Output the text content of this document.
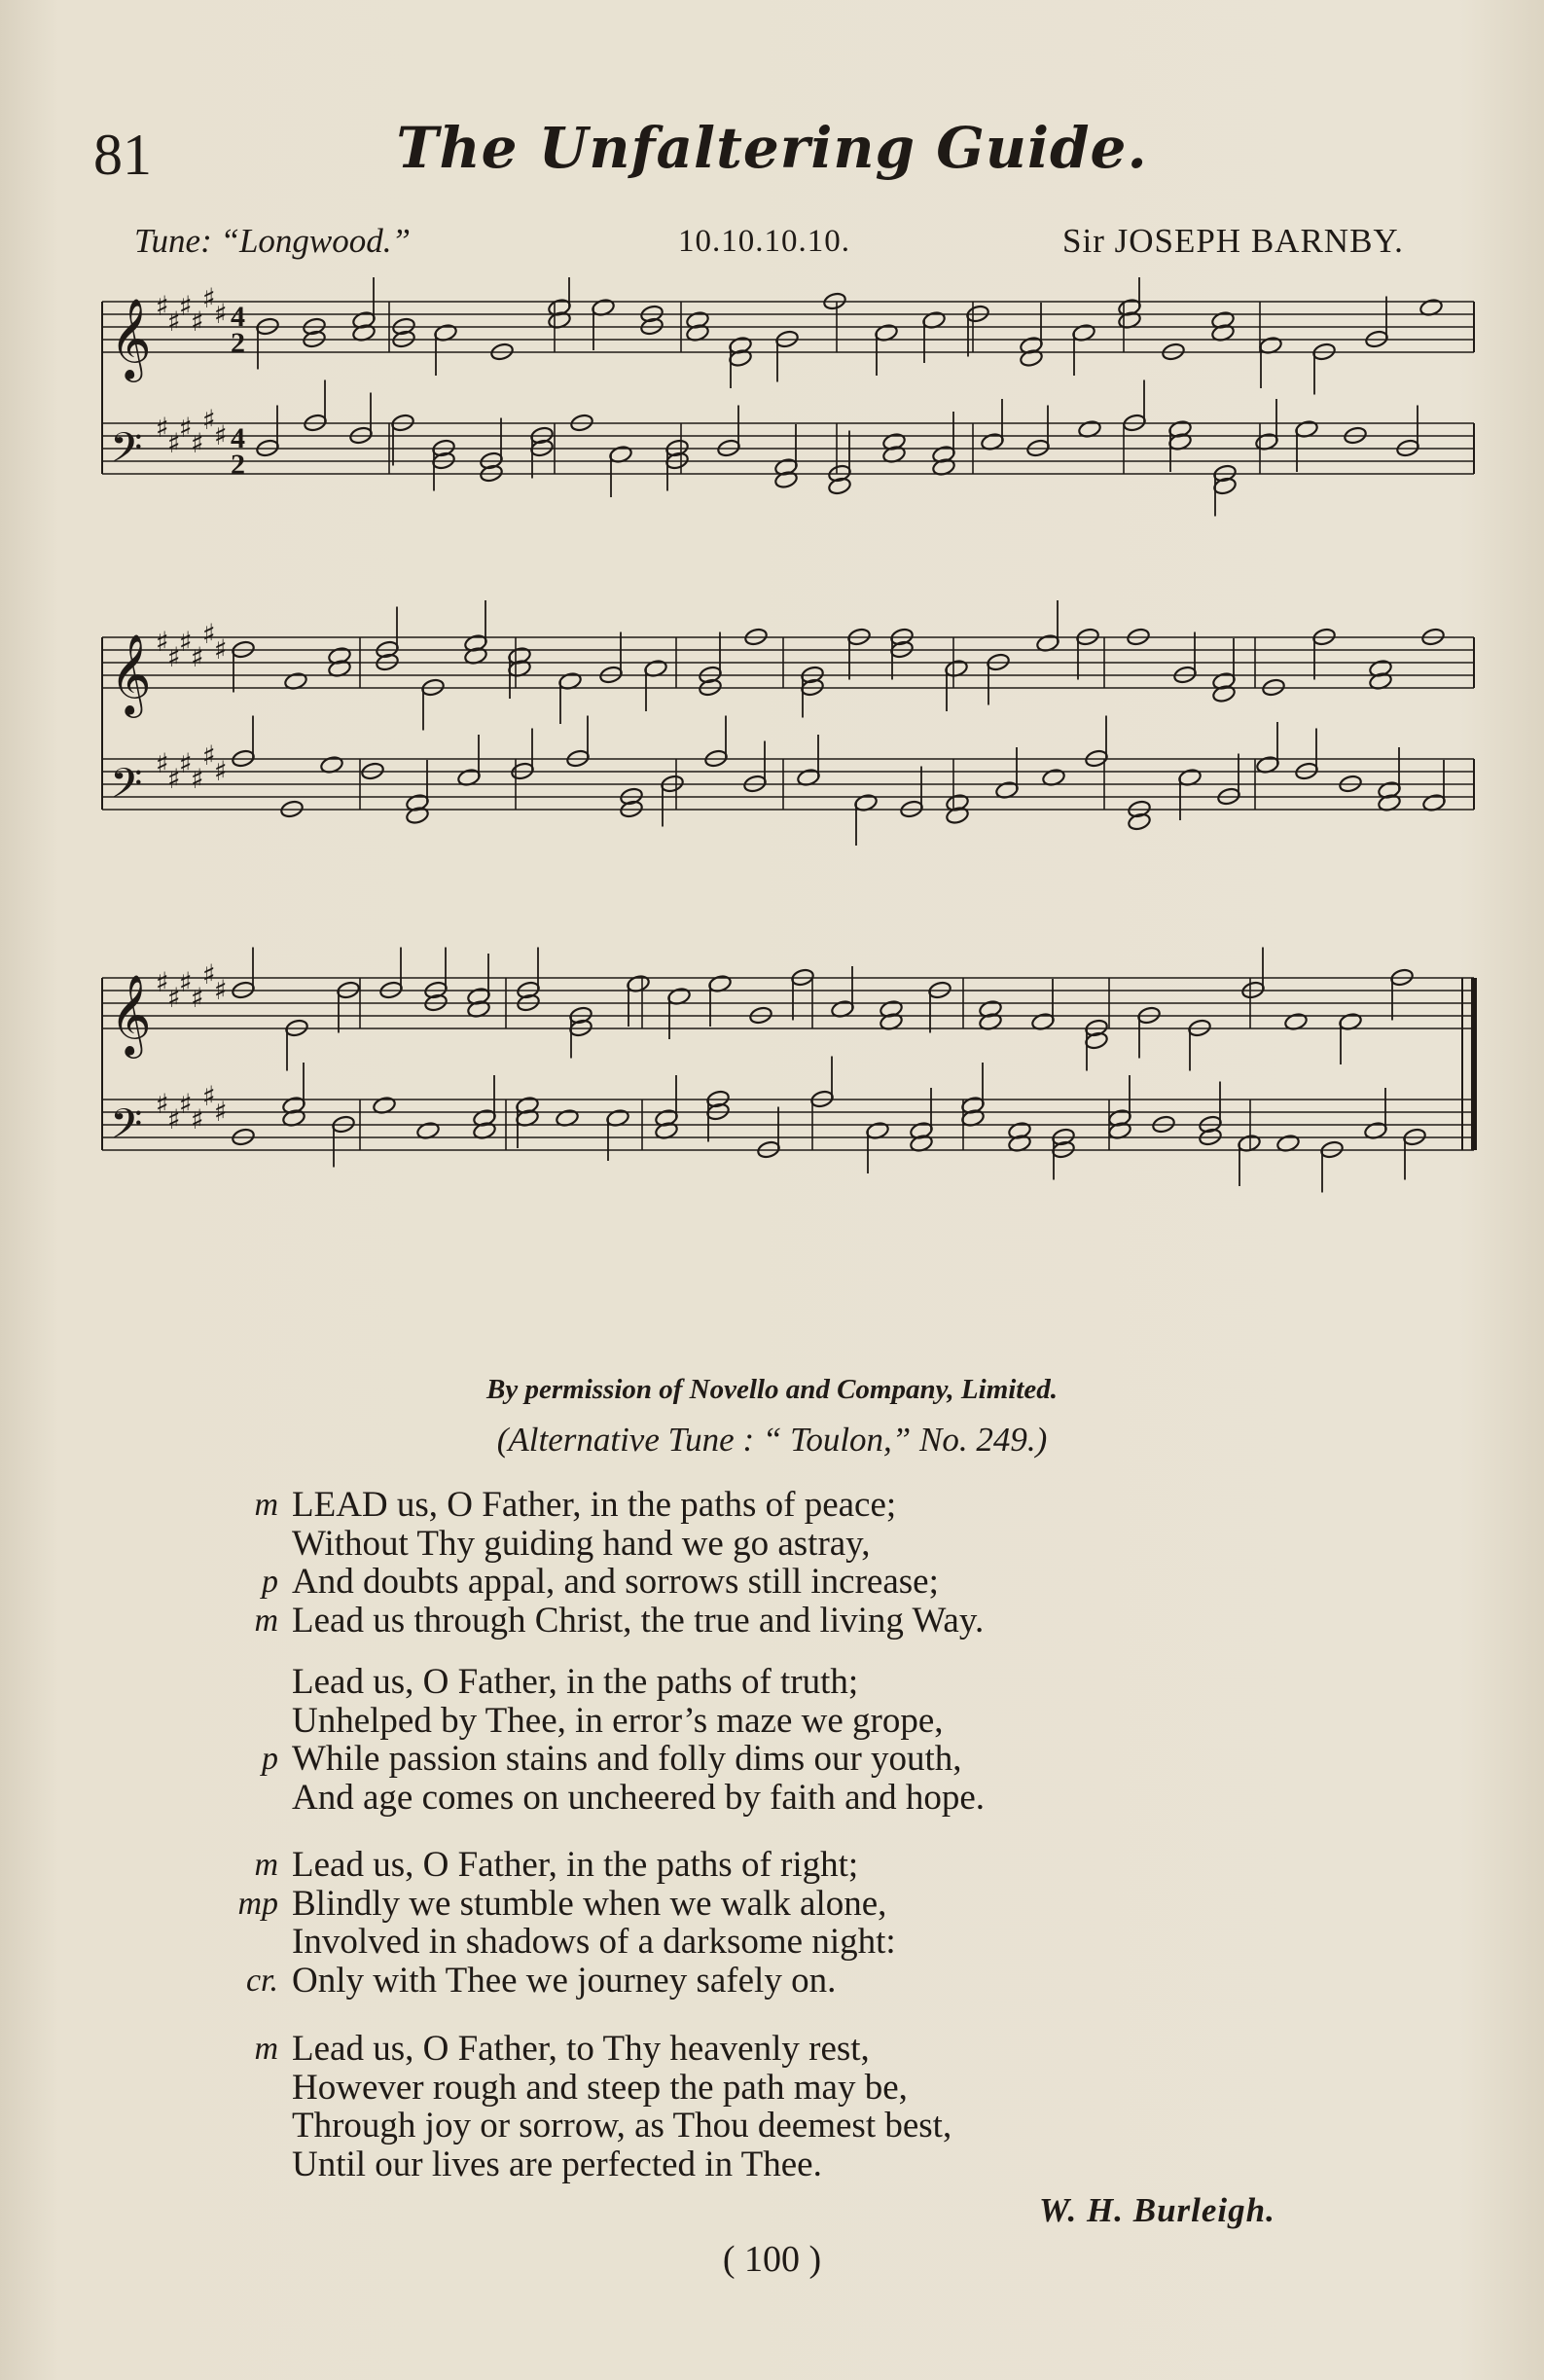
81	The Unfaltering Guide.
Tune: “Longwood.”	10.10.10.10.	Sir JOSEPH BARNBY.
𝄞 ♯
♯
♯
♯
♯
♯ 4
2
𝄢 ♯
♯
♯
♯
♯
♯ 4
2
𝄞 ♯
♯
♯
♯
♯
♯
𝄢 ♯
♯
♯
♯
♯
♯
𝄞 ♯
♯
♯
♯
♯
♯
𝄢 ♯
♯
♯
♯
♯
♯
By permission of Novello and Company, Limited.
(Alternative Tune : “ Toulon,” No. 249.)
m LEAD us, O Father, in the paths of peace;
Without Thy guiding hand we go astray,
p And doubts appal, and sorrows still increase;
m Lead us through Christ, the true and living Way.
Lead us, O Father, in the paths of truth;
Unhelped by Thee, in error’s maze we grope,
p While passion stains and folly dims our youth,
And age comes on uncheered by faith and hope.
m Lead us, O Father, in the paths of right;
mp Blindly we stumble when we walk alone,
Involved in shadows of a darksome night:
cr. Only with Thee we journey safely on.
m Lead us, O Father, to Thy heavenly rest,
However rough and steep the path may be,
Through joy or sorrow, as Thou deemest best,
Until our lives are perfected in Thee.
W. H. Burleigh.
( 100 )
